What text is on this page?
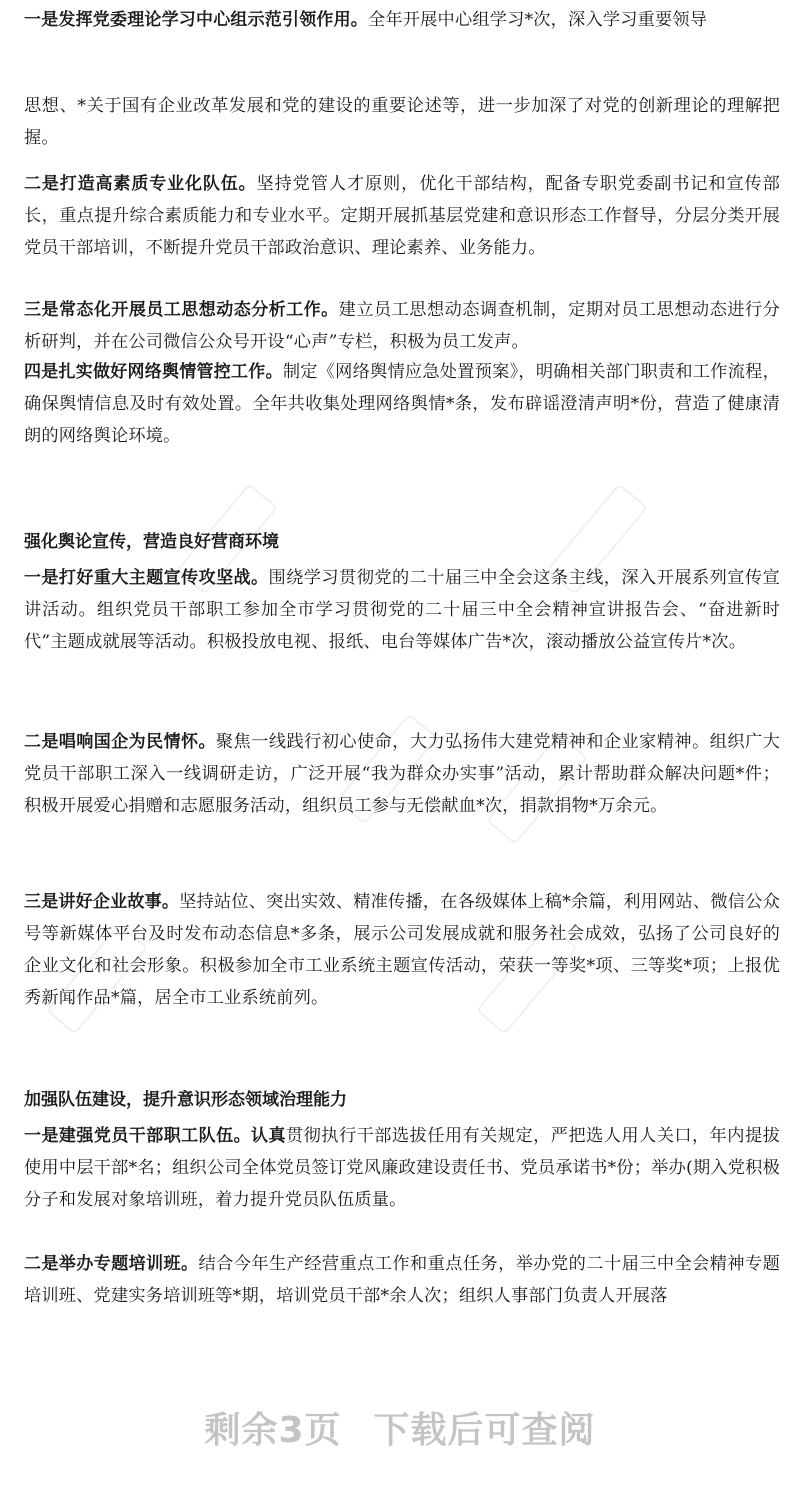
一是发挥党委理论学习中心组示范引领作用。全年开展中心组学习*次，深入学习重要领导

思想、*关于国有企业改革发展和党的建设的重要论述等，进一步加深了对党的创新理论的理解把握。

二是打造高素质专业化队伍。坚持党管人才原则，优化干部结构，配备专职党委副书记和宣传部长，重点提升综合素质能力和专业水平。定期开展抓基层党建和意识形态工作督导，分层分类开展党员干部培训，不断提升党员干部政治意识、理论素养、业务能力。

三是常态化开展员工思想动态分析工作。建立员工思想动态调查机制，定期对员工思想动态进行分析研判，并在公司微信公众号开设“心声”专栏，积极为员工发声。

四是扎实做好网络舆情管控工作。制定《网络舆情应急处置预案》，明确相关部门职责和工作流程，确保舆情信息及时有效处置。全年共收集处理网络舆情*条，发布辟谣澄清声明*份，营造了健康清朗的网络舆论环境。

强化舆论宣传，营造良好营商环境

一是打好重大主题宣传攻坚战。围绕学习贯彻党的二十届三中全会这条主线，深入开展系列宣传宣讲活动。组织党员干部职工参加全市学习贯彻党的二十届三中全会精神宣讲报告会、“奋进新时代”主题成就展等活动。积极投放电视、报纸、电台等媒体广告*次，滚动播放公益宣传片*次。

二是唱响国企为民情怀。聚焦一线践行初心使命，大力弘扬伟大建党精神和企业家精神。组织广大党员干部职工深入一线调研走访，广泛开展“我为群众办实事”活动，累计帮助群众解决问题*件；积极开展爱心捐赠和志愿服务活动，组织员工参与无偿献血*次，捐款捐物*万余元。

三是讲好企业故事。坚持站位、突出实效、精准传播，在各级媒体上稿*余篇，利用网站、微信公众号等新媒体平台及时发布动态信息*多条，展示公司发展成就和服务社会成效，弘扬了公司良好的企业文化和社会形象。积极参加全市工业系统主题宣传活动，荣获一等奖*项、三等奖*项；上报优秀新闻作品*篇，居全市工业系统前列。

加强队伍建设，提升意识形态领域治理能力

一是建强党员干部职工队伍。认真贯彻执行干部选拔任用有关规定，严把选人用人关口，年内提拔使用中层干部*名；组织公司全体党员签订党风廉政建设责任书、党员承诺书*份；举办(期入党积极分子和发展对象培训班，着力提升党员队伍质量。

二是举办专题培训班。结合今年生产经营重点工作和重点任务，举办党的二十届三中全会精神专题培训班、党建实务培训班等*期，培训党员干部*余人次；组织人事部门负责人开展落

剩余3页 下载后可查阅
